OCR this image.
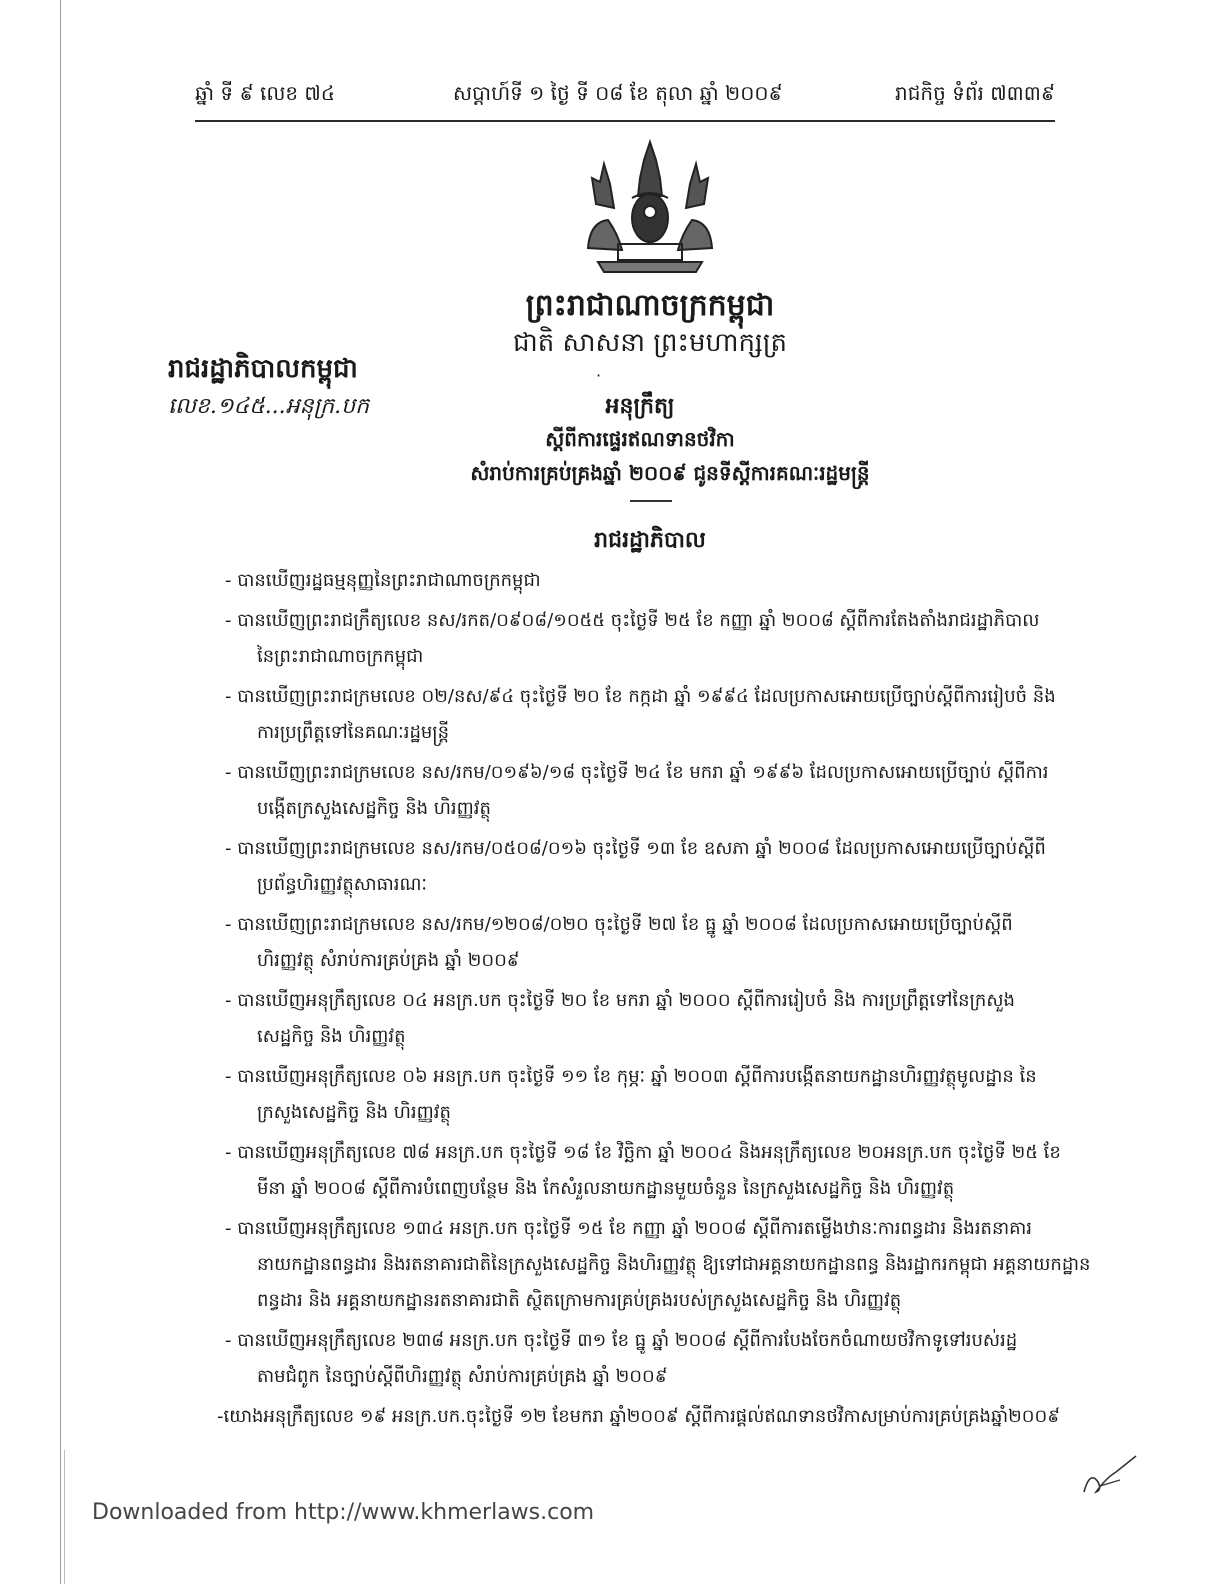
ឆ្នាំ ទី ៩ លេខ ៧៤	សប្តាហ៍ទី ១ ថ្ងៃ ទី ០៨ ខែ តុលា ឆ្នាំ ២០០៩	រាជកិច្ច ទំព័រ ៧៣៣៩
ព្រះរាជាណាចក្រកម្ពុជា
ជាតិ សាសនា ព្រះមហាក្សត្រ
·
រាជរដ្ឋាភិបាលកម្ពុជា
លេខ.១៤៥...អនុក្រ.បក	អនុក្រឹត្យ
ស្តីពីការផ្ទេរឥណទានថវិកា
សំរាប់ការគ្រប់គ្រងឆ្នាំ ២០០៩ ជូនទីស្តីការគណៈរដ្ឋមន្ត្រី
រាជរដ្ឋាភិបាល
- បានឃើញរដ្ឋធម្មនុញ្ញនៃព្រះរាជាណាចក្រកម្ពុជា
- បានឃើញព្រះរាជក្រឹត្យលេខ នស/រកត/០៩០៨/១០៥៥ ចុះថ្ងៃទី ២៥ ខែ កញ្ញា ឆ្នាំ ២០០៨ ស្តីពីការតែងតាំងរាជរដ្ឋាភិបាល
នៃព្រះរាជាណាចក្រកម្ពុជា
- បានឃើញព្រះរាជក្រមលេខ ០២/នស/៩៤ ចុះថ្ងៃទី ២០ ខែ កក្កដា ឆ្នាំ ១៩៩៤ ដែលប្រកាសអោយប្រើច្បាប់ស្តីពីការរៀបចំ និង
ការប្រព្រឹត្តទៅនៃគណៈរដ្ឋមន្ត្រី
- បានឃើញព្រះរាជក្រមលេខ នស/រកម/០១៩៦/១៨ ចុះថ្ងៃទី ២៤ ខែ មករា ឆ្នាំ ១៩៩៦ ដែលប្រកាសអោយប្រើច្បាប់ ស្តីពីការ
បង្កើតក្រសួងសេដ្ឋកិច្ច និង ហិរញ្ញវត្ថុ
- បានឃើញព្រះរាជក្រមលេខ នស/រកម/០៥០៨/០១៦ ចុះថ្ងៃទី ១៣ ខែ ឧសភា ឆ្នាំ ២០០៨ ដែលប្រកាសអោយប្រើច្បាប់ស្តីពី
ប្រព័ន្ធហិរញ្ញវត្ថុសាធារណៈ
- បានឃើញព្រះរាជក្រមលេខ នស/រកម/១២០៨/០២០ ចុះថ្ងៃទី ២៧ ខែ ធ្នូ ឆ្នាំ ២០០៨ ដែលប្រកាសអោយប្រើច្បាប់ស្តីពី
ហិរញ្ញវត្ថុ សំរាប់ការគ្រប់គ្រង ឆ្នាំ ២០០៩
- បានឃើញអនុក្រឹត្យលេខ ០៤ អនក្រ.បក ចុះថ្ងៃទី ២០ ខែ មករា ឆ្នាំ ២០០០ ស្តីពីការរៀបចំ និង ការប្រព្រឹត្តទៅនៃក្រសួង
សេដ្ឋកិច្ច និង ហិរញ្ញវត្ថុ
- បានឃើញអនុក្រឹត្យលេខ ០៦ អនក្រ.បក ចុះថ្ងៃទី ១១ ខែ កុម្ភៈ ឆ្នាំ ២០០៣ ស្តីពីការបង្កើតនាយកដ្ឋានហិរញ្ញវត្ថុមូលដ្ឋាន នៃ
ក្រសួងសេដ្ឋកិច្ច និង ហិរញ្ញវត្ថុ
- បានឃើញអនុក្រឹត្យលេខ ៧៨ អនក្រ.បក ចុះថ្ងៃទី ១៨ ខែ វិច្ឆិកា ឆ្នាំ ២០០៤ និងអនុក្រឹត្យលេខ ២០អនក្រ.បក ចុះថ្ងៃទី ២៥ ខែ
មីនា ឆ្នាំ ២០០៨ ស្តីពីការបំពេញបន្ថែម និង កែសំរួលនាយកដ្ឋានមួយចំនួន នៃក្រសួងសេដ្ឋកិច្ច និង ហិរញ្ញវត្ថុ
- បានឃើញអនុក្រឹត្យលេខ ១៣៤ អនក្រ.បក ចុះថ្ងៃទី ១៥ ខែ កញ្ញា ឆ្នាំ ២០០៨ ស្តីពីការតម្លើងឋានៈការពន្ធដារ និងរតនាគារ
នាយកដ្ឋានពន្ធដារ និងរតនាគារជាតិនៃក្រសួងសេដ្ឋកិច្ច និងហិរញ្ញវត្ថុ ឱ្យទៅជាអគ្គនាយកដ្ឋានពន្ធ និងរដ្ឋាករកម្ពុជា អគ្គនាយកដ្ឋាន
ពន្ធដារ និង អគ្គនាយកដ្ឋានរតនាគារជាតិ ស្ថិតក្រោមការគ្រប់គ្រងរបស់ក្រសួងសេដ្ឋកិច្ច និង ហិរញ្ញវត្ថុ
- បានឃើញអនុក្រឹត្យលេខ ២៣៨ អនក្រ.បក ចុះថ្ងៃទី ៣១ ខែ ធ្នូ ឆ្នាំ ២០០៨ ស្តីពីការបែងចែកចំណាយថវិកាទូទៅរបស់រដ្ឋ
តាមជំពូក នៃច្បាប់ស្តីពីហិរញ្ញវត្ថុ សំរាប់ការគ្រប់គ្រង ឆ្នាំ ២០០៩
-យោងអនុក្រឹត្យលេខ ១៩ អនក្រ.បក.ចុះថ្ងៃទី ១២ ខែមករា ឆ្នាំ២០០៩ ស្តីពីការផ្តល់ឥណទានថវិកាសម្រាប់ការគ្រប់គ្រងឆ្នាំ២០០៩
Downloaded from http://www.khmerlaws.com
